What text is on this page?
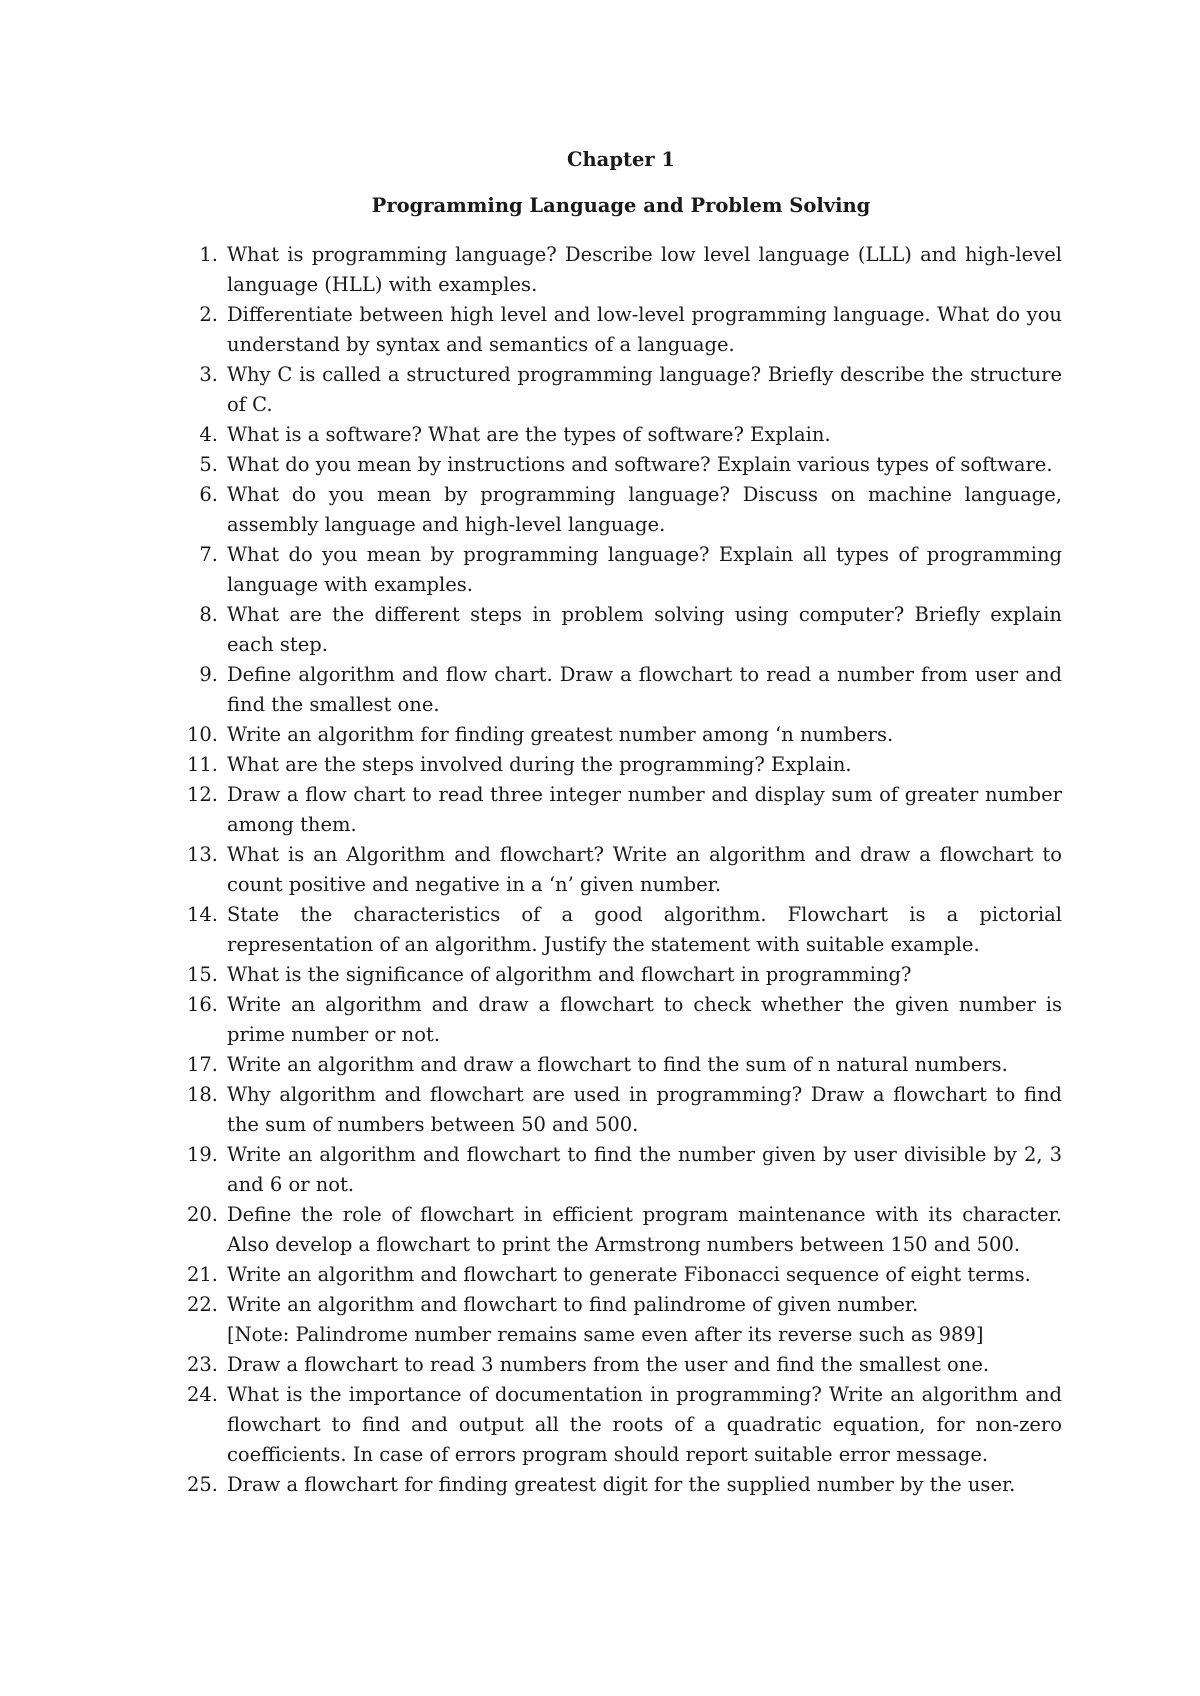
Chapter 1
Programming Language and Problem Solving
1. What is programming language? Describe low level language (LLL) and high-level language (HLL) with examples.
2. Differentiate between high level and low-level programming language. What do you understand by syntax and semantics of a language.
3. Why C is called a structured programming language? Briefly describe the structure of C.
4. What is a software? What are the types of software? Explain.
5. What do you mean by instructions and software? Explain various types of software.
6. What do you mean by programming language? Discuss on machine language, assembly language and high-level language.
7. What do you mean by programming language? Explain all types of programming language with examples.
8. What are the different steps in problem solving using computer? Briefly explain each step.
9. Define algorithm and flow chart. Draw a flowchart to read a number from user and find the smallest one.
10. Write an algorithm for finding greatest number among ‘n numbers.
11. What are the steps involved during the programming? Explain.
12. Draw a flow chart to read three integer number and display sum of greater number among them.
13. What is an Algorithm and flowchart? Write an algorithm and draw a flowchart to count positive and negative in a ‘n’ given number.
14. State the characteristics of a good algorithm. Flowchart is a pictorial representation of an algorithm. Justify the statement with suitable example.
15. What is the significance of algorithm and flowchart in programming?
16. Write an algorithm and draw a flowchart to check whether the given number is prime number or not.
17. Write an algorithm and draw a flowchart to find the sum of n natural numbers.
18. Why algorithm and flowchart are used in programming? Draw a flowchart to find the sum of numbers between 50 and 500.
19. Write an algorithm and flowchart to find the number given by user divisible by 2, 3 and 6 or not.
20. Define the role of flowchart in efficient program maintenance with its character. Also develop a flowchart to print the Armstrong numbers between 150 and 500.
21. Write an algorithm and flowchart to generate Fibonacci sequence of eight terms.
22. Write an algorithm and flowchart to find palindrome of given number.
[Note: Palindrome number remains same even after its reverse such as 989]
23. Draw a flowchart to read 3 numbers from the user and find the smallest one.
24. What is the importance of documentation in programming? Write an algorithm and flowchart to find and output all the roots of a quadratic equation, for non-zero coefficients. In case of errors program should report suitable error message.
25. Draw a flowchart for finding greatest digit for the supplied number by the user.
